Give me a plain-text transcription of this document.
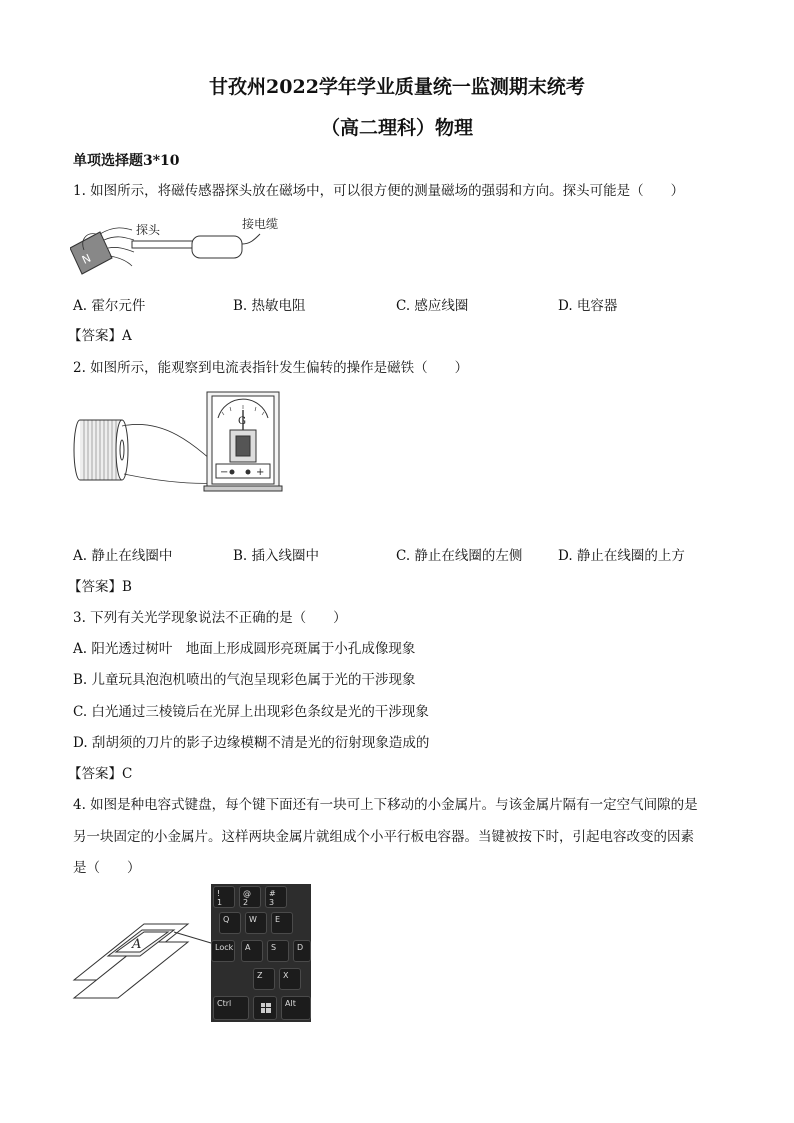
甘孜州2022学年学业质量统一监测期末统考
（高二理科）物理
单项选择题3*10
1. 如图所示，将磁传感器探头放在磁场中，可以很方便的测量磁场的强弱和方向。探头可能是（　　）
N
探头	接电缆
A. 霍尔元件	B. 热敏电阻	C. 感应线圈	D. 电容器
【答案】A
2. 如图所示，能观察到电流表指针发生偏转的操作是磁铁（　　）
G
−	+
A. 静止在线圈中	B. 插入线圈中	C. 静止在线圈的左侧	D. 静止在线圈的上方
【答案】B
3. 下列有关光学现象说法不正确的是（　　）
A. 阳光透过树叶　地面上形成圆形亮斑属于小孔成像现象
B. 儿童玩具泡泡机喷出的气泡呈现彩色属于光的干涉现象
C. 白光通过三棱镜后在光屏上出现彩色条纹是光的干涉现象
D. 刮胡须的刀片的影子边缘模糊不清是光的衍射现象造成的
【答案】C
4. 如图是种电容式键盘，每个键下面还有一块可上下移动的小金属片。与该金属片隔有一定空气间隙的是
另一块固定的小金属片。这样两块金属片就组成个小平行板电容器。当键被按下时，引起电容改变的因素
是（　　）
A
!
1
@
2
#
3
Q	W	E
Lock	A	S	D
Z	X
Ctrl	Alt
